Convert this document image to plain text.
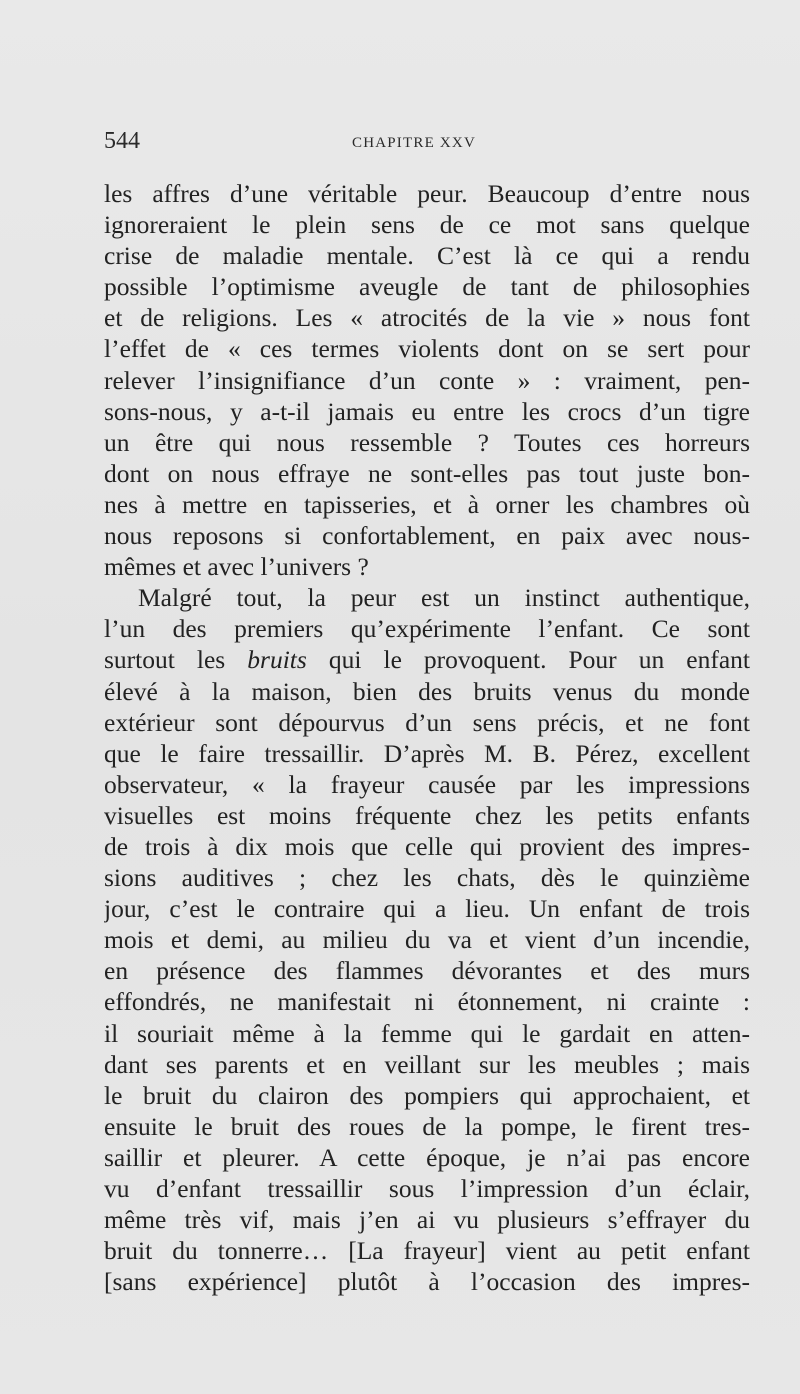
544	CHAPITRE XXV
les affres d’une véritable peur. Beaucoup d’entre nous
ignoreraient le plein sens de ce mot sans quelque
crise de maladie mentale. C’est là ce qui a rendu
possible l’optimisme aveugle de tant de philosophies
et de religions. Les « atrocités de la vie » nous font
l’effet de « ces termes violents dont on se sert pour
relever l’insignifiance d’un conte » : vraiment, pen-
sons-nous, y a-t-il jamais eu entre les crocs d’un tigre
un être qui nous ressemble ? Toutes ces horreurs
dont on nous effraye ne sont-elles pas tout juste bon-
nes à mettre en tapisseries, et à orner les chambres où
nous reposons si confortablement, en paix avec nous-
mêmes et avec l’univers ?
Malgré tout, la peur est un instinct authentique,
l’un des premiers qu’expérimente l’enfant. Ce sont
surtout les bruits qui le provoquent. Pour un enfant
élevé à la maison, bien des bruits venus du monde
extérieur sont dépourvus d’un sens précis, et ne font
que le faire tressaillir. D’après M. B. Pérez, excellent
observateur, « la frayeur causée par les impressions
visuelles est moins fréquente chez les petits enfants
de trois à dix mois que celle qui provient des impres-
sions auditives ; chez les chats, dès le quinzième
jour, c’est le contraire qui a lieu. Un enfant de trois
mois et demi, au milieu du va et vient d’un incendie,
en présence des flammes dévorantes et des murs
effondrés, ne manifestait ni étonnement, ni crainte :
il souriait même à la femme qui le gardait en atten-
dant ses parents et en veillant sur les meubles ; mais
le bruit du clairon des pompiers qui approchaient, et
ensuite le bruit des roues de la pompe, le firent tres-
saillir et pleurer. A cette époque, je n’ai pas encore
vu d’enfant tressaillir sous l’impression d’un éclair,
même très vif, mais j’en ai vu plusieurs s’effrayer du
bruit du tonnerre… [La frayeur] vient au petit enfant
[sans expérience] plutôt à l’occasion des impres-
